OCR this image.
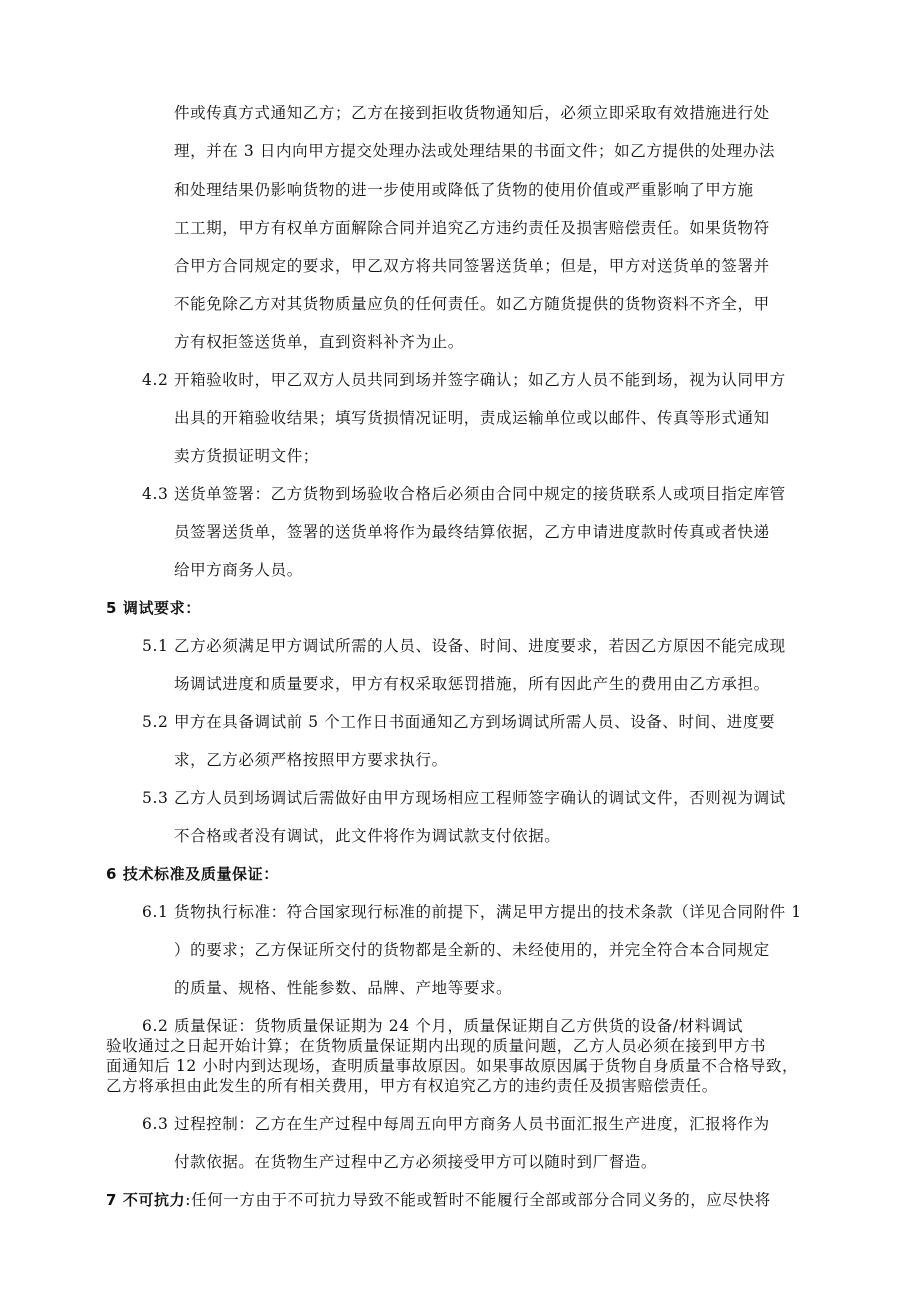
件或传真方式通知乙方；乙方在接到拒收货物通知后，必须立即采取有效措施进行处
理，并在 3 日内向甲方提交处理办法或处理结果的书面文件；如乙方提供的处理办法
和处理结果仍影响货物的进一步使用或降低了货物的使用价值或严重影响了甲方施
工工期，甲方有权单方面解除合同并追究乙方违约责任及损害赔偿责任。如果货物符
合甲方合同规定的要求，甲乙双方将共同签署送货单；但是，甲方对送货单的签署并
不能免除乙方对其货物质量应负的任何责任。如乙方随货提供的货物资料不齐全，甲
方有权拒签送货单，直到资料补齐为止。
4.2 开箱验收时，甲乙双方人员共同到场并签字确认；如乙方人员不能到场，视为认同甲方
出具的开箱验收结果；填写货损情况证明，责成运输单位或以邮件、传真等形式通知
卖方货损证明文件；
4.3 送货单签署：乙方货物到场验收合格后必须由合同中规定的接货联系人或项目指定库管
员签署送货单，签署的送货单将作为最终结算依据，乙方申请进度款时传真或者快递
给甲方商务人员。
5 调试要求：
5.1 乙方必须满足甲方调试所需的人员、设备、时间、进度要求，若因乙方原因不能完成现
场调试进度和质量要求，甲方有权采取惩罚措施，所有因此产生的费用由乙方承担。
5.2 甲方在具备调试前 5 个工作日书面通知乙方到场调试所需人员、设备、时间、进度要
求，乙方必须严格按照甲方要求执行。
5.3 乙方人员到场调试后需做好由甲方现场相应工程师签字确认的调试文件，否则视为调试
不合格或者没有调试，此文件将作为调试款支付依据。
6 技术标准及质量保证：
6.1 货物执行标准：符合国家现行标准的前提下，满足甲方提出的技术条款（详见合同附件 1
）的要求；乙方保证所交付的货物都是全新的、未经使用的，并完全符合本合同规定
的质量、规格、性能参数、品牌、产地等要求。
6.2 质量保证：货物质量保证期为 24 个月，质量保证期自乙方供货的设备/材料调试
验收通过之日起开始计算；在货物质量保证期内出现的质量问题，乙方人员必须在接到甲方书
面通知后 12 小时内到达现场，查明质量事故原因。如果事故原因属于货物自身质量不合格导致，
乙方将承担由此发生的所有相关费用，甲方有权追究乙方的违约责任及损害赔偿责任。
6.3 过程控制：乙方在生产过程中每周五向甲方商务人员书面汇报生产进度，汇报将作为
付款依据。在货物生产过程中乙方必须接受甲方可以随时到厂督造。
7 不可抗力:任何一方由于不可抗力导致不能或暂时不能履行全部或部分合同义务的，应尽快将
